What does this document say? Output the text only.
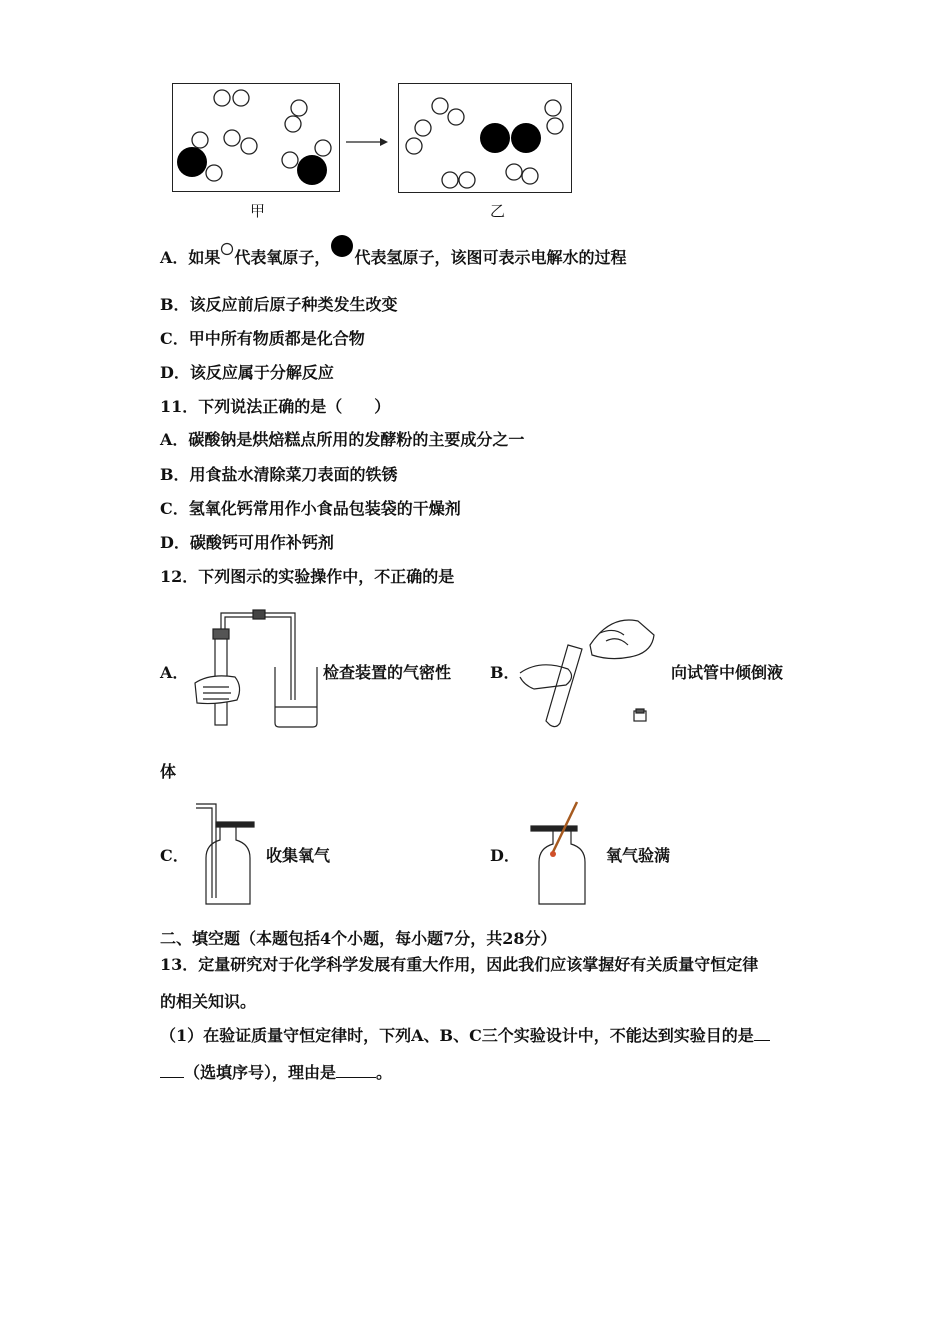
甲	乙
A．如果 代表氧原子， 代表氢原子，该图可表示电解水的过程
B．该反应前后原子种类发生改变
C．甲中所有物质都是化合物
D．该反应属于分解反应
11．下列说法正确的是（　　）
A．碳酸钠是烘焙糕点所用的发酵粉的主要成分之一
B．用食盐水清除菜刀表面的铁锈
C．氢氧化钙常用作小食品包装袋的干燥剂
D．碳酸钙可用作补钙剂
12．下列图示的实验操作中，不正确的是
A．	检查装置的气密性 B．	向试管中倾倒液
体
C．	收集氧气	D．	氧气验满
二、填空题（本题包括4个小题，每小题7分，共28分）
13．定量研究对于化学科学发展有重大作用，因此我们应该掌握好有关质量守恒定律
的相关知识。
（1）在验证质量守恒定律时，下列A、B、C三个实验设计中，不能达到实验目的是
（选填序号），理由是	。
